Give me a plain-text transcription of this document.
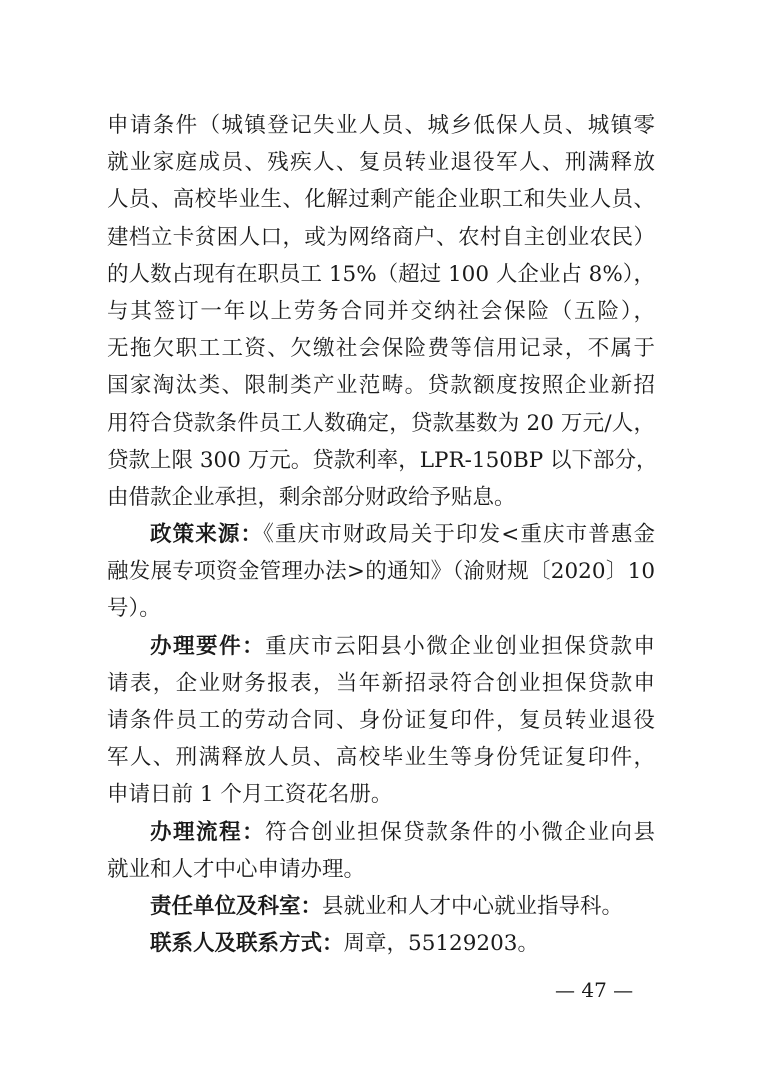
申请条件（城镇登记失业人员、城乡低保人员、城镇零
就业家庭成员、残疾人、复员转业退役军人、刑满释放
人员、高校毕业生、化解过剩产能企业职工和失业人员、
建档立卡贫困人口，或为网络商户、农村自主创业农民）
的人数占现有在职员工 15%（超过 100 人企业占 8%），
与其签订一年以上劳务合同并交纳社会保险（五险），
无拖欠职工工资、欠缴社会保险费等信用记录，不属于
国家淘汰类、限制类产业范畴。贷款额度按照企业新招
用符合贷款条件员工人数确定，贷款基数为 20 万元/人，
贷款上限 300 万元。贷款利率，LPR-150BP 以下部分，
由借款企业承担，剩余部分财政给予贴息。
政策来源：《重庆市财政局关于印发<重庆市普惠金
融发展专项资金管理办法>的通知》（渝财规〔2020〕10
号）。
办理要件：重庆市云阳县小微企业创业担保贷款申
请表，企业财务报表，当年新招录符合创业担保贷款申
请条件员工的劳动合同、身份证复印件，复员转业退役
军人、刑满释放人员、高校毕业生等身份凭证复印件，
申请日前 1 个月工资花名册。
办理流程：符合创业担保贷款条件的小微企业向县
就业和人才中心申请办理。
责任单位及科室：县就业和人才中心就业指导科。
联系人及联系方式：周章，55129203。
— 47 —
